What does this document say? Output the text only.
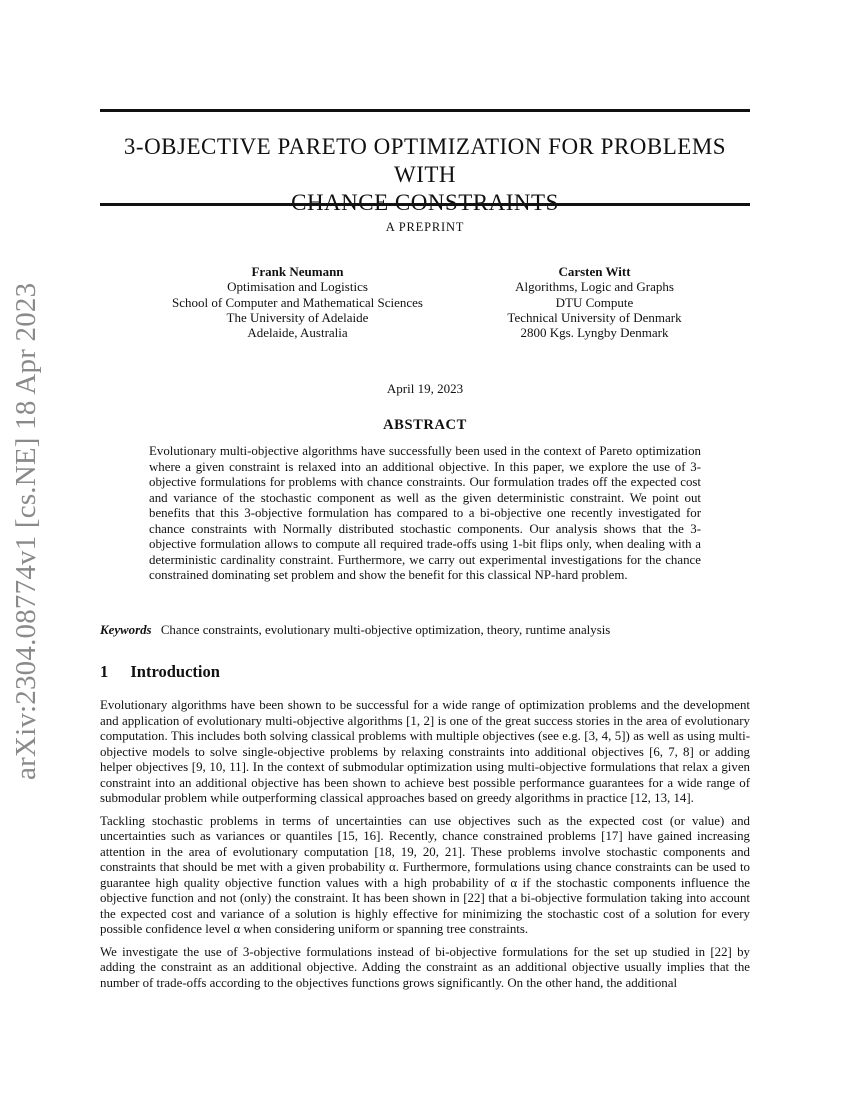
arXiv:2304.08774v1 [cs.NE] 18 Apr 2023
3-OBJECTIVE PARETO OPTIMIZATION FOR PROBLEMS WITH
A PREPRINT
Frank Neumann
Optimisation and Logistics
School of Computer and Mathematical Sciences
The University of Adelaide
Adelaide, Australia
Carsten Witt
Algorithms, Logic and Graphs
DTU Compute
Technical University of Denmark
2800 Kgs. Lyngby Denmark
April 19, 2023
ABSTRACT
Evolutionary multi-objective algorithms have successfully been used in the context of Pareto optimization where a given constraint is relaxed into an additional objective. In this paper, we explore the use of 3-objective formulations for problems with chance constraints. Our formulation trades off the expected cost and variance of the stochastic component as well as the given deterministic constraint. We point out benefits that this 3-objective formulation has compared to a bi-objective one recently investigated for chance constraints with Normally distributed stochastic components. Our analysis shows that the 3-objective formulation allows to compute all required trade-offs using 1-bit flips only, when dealing with a deterministic cardinality constraint. Furthermore, we carry out experimental investigations for the chance constrained dominating set problem and show the benefit for this classical NP-hard problem.
Keywords Chance constraints, evolutionary multi-objective optimization, theory, runtime analysis
1 Introduction

Evolutionary algorithms have been shown to be successful for a wide range of optimization problems and the development and application of evolutionary multi-objective algorithms [1, 2] is one of the great success stories in the area of evolutionary computation. This includes both solving classical problems with multiple objectives (see e.g. [3, 4, 5]) as well as using multi-objective models to solve single-objective problems by relaxing constraints into additional objectives [6, 7, 8] or adding helper objectives [9, 10, 11]. In the context of submodular optimization using multi-objective formulations that relax a given constraint into an additional objective has been shown to achieve best possible performance guarantees for a wide range of submodular problem while outperforming classical approaches based on greedy algorithms in practice [12, 13, 14].

Tackling stochastic problems in terms of uncertainties can use objectives such as the expected cost (or value) and uncertainties such as variances or quantiles [15, 16]. Recently, chance constrained problems [17] have gained increasing attention in the area of evolutionary computation [18, 19, 20, 21]. These problems involve stochastic components and constraints that should be met with a given probability α. Furthermore, formulations using chance constraints can be used to guarantee high quality objective function values with a high probability of α if the stochastic components influence the objective function and not (only) the constraint. It has been shown in [22] that a bi-objective formulation taking into account the expected cost and variance of a solution is highly effective for minimizing the stochastic cost of a solution for every possible confidence level α when considering uniform or spanning tree constraints.

We investigate the use of 3-objective formulations instead of bi-objective formulations for the set up studied in [22] by adding the constraint as an additional objective. Adding the constraint as an additional objective usually implies that the number of trade-offs according to the objectives functions grows significantly. On the other hand, the additional
